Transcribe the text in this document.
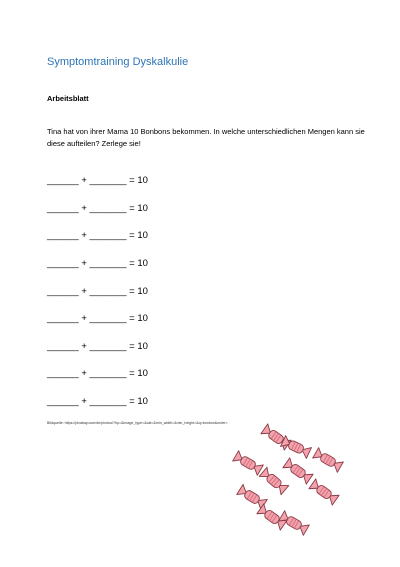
Symptomtraining Dyskalkulie
Arbeitsblatt
Tina hat von ihrer Mama 10 Bonbons bekommen. In welche unterschiedlichen Mengen kann sie diese aufteilen? Zerlege sie!
______ + _______ = 10
______ + _______ = 10
______ + _______ = 10
______ + _______ = 10
______ + _______ = 10
______ + _______ = 10
______ + _______ = 10
______ + _______ = 10
______ + _______ = 10
Bildquelle: https://pixabay.com/de/photos/?hp=&image_type=&cat=&min_width=&min_height=&q=bonbon&order=
